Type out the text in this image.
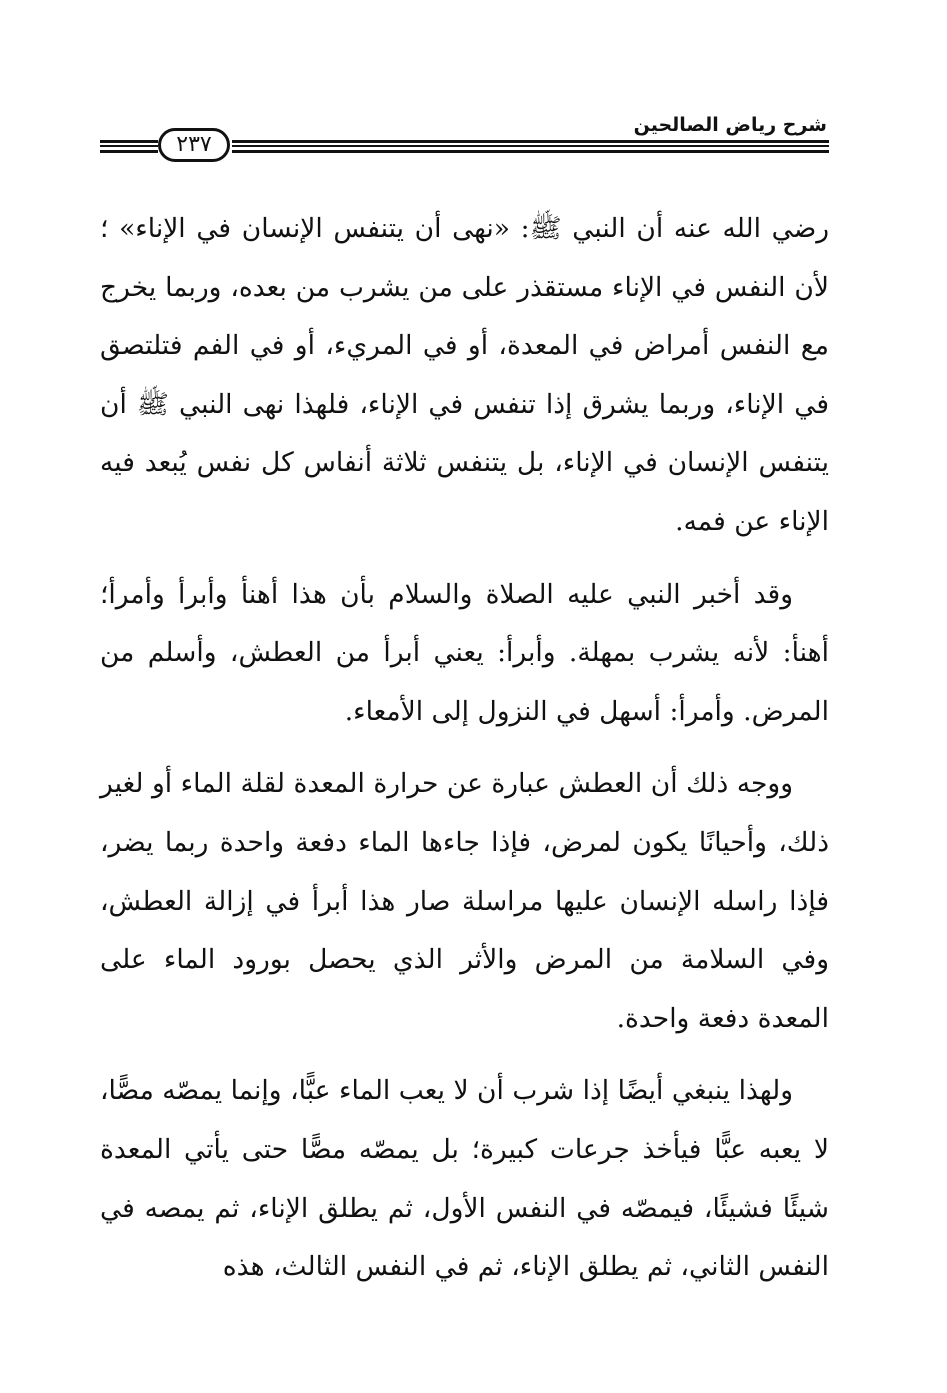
شرح رياض الصالحين
٢٣٧

رضي الله عنه أن النبي ﷺ: «نهى أن يتنفس الإنسان في الإناء» ؛ لأن النفس في الإناء مستقذر على من يشرب من بعده، وربما يخرج مع النفس أمراض في المعدة، أو في المريء، أو في الفم فتلتصق في الإناء، وربما يشرق إذا تنفس في الإناء، فلهذا نهى النبي ﷺ أن يتنفس الإنسان في الإناء، بل يتنفس ثلاثة أنفاس كل نفس يُبعد فيه الإناء عن فمه.

وقد أخبر النبي عليه الصلاة والسلام بأن هذا أهنأ وأبرأ وأمرأ؛ أهنأ: لأنه يشرب بمهلة. وأبرأ: يعني أبرأ من العطش، وأسلم من المرض. وأمرأ: أسهل في النزول إلى الأمعاء.

ووجه ذلك أن العطش عبارة عن حرارة المعدة لقلة الماء أو لغير ذلك، وأحيانًا يكون لمرض، فإذا جاءها الماء دفعة واحدة ربما يضر، فإذا راسله الإنسان عليها مراسلة صار هذا أبرأ في إزالة العطش، وفي السلامة من المرض والأثر الذي يحصل بورود الماء على المعدة دفعة واحدة.

ولهذا ينبغي أيضًا إذا شرب أن لا يعب الماء عبًّا، وإنما يمصّه مصًّا، لا يعبه عبًّا فيأخذ جرعات كبيرة؛ بل يمصّه مصًّا حتى يأتي المعدة شيئًا فشيئًا، فيمصّه في النفس الأول، ثم يطلق الإناء، ثم يمصه في النفس الثاني، ثم يطلق الإناء، ثم في النفس الثالث، هذه
